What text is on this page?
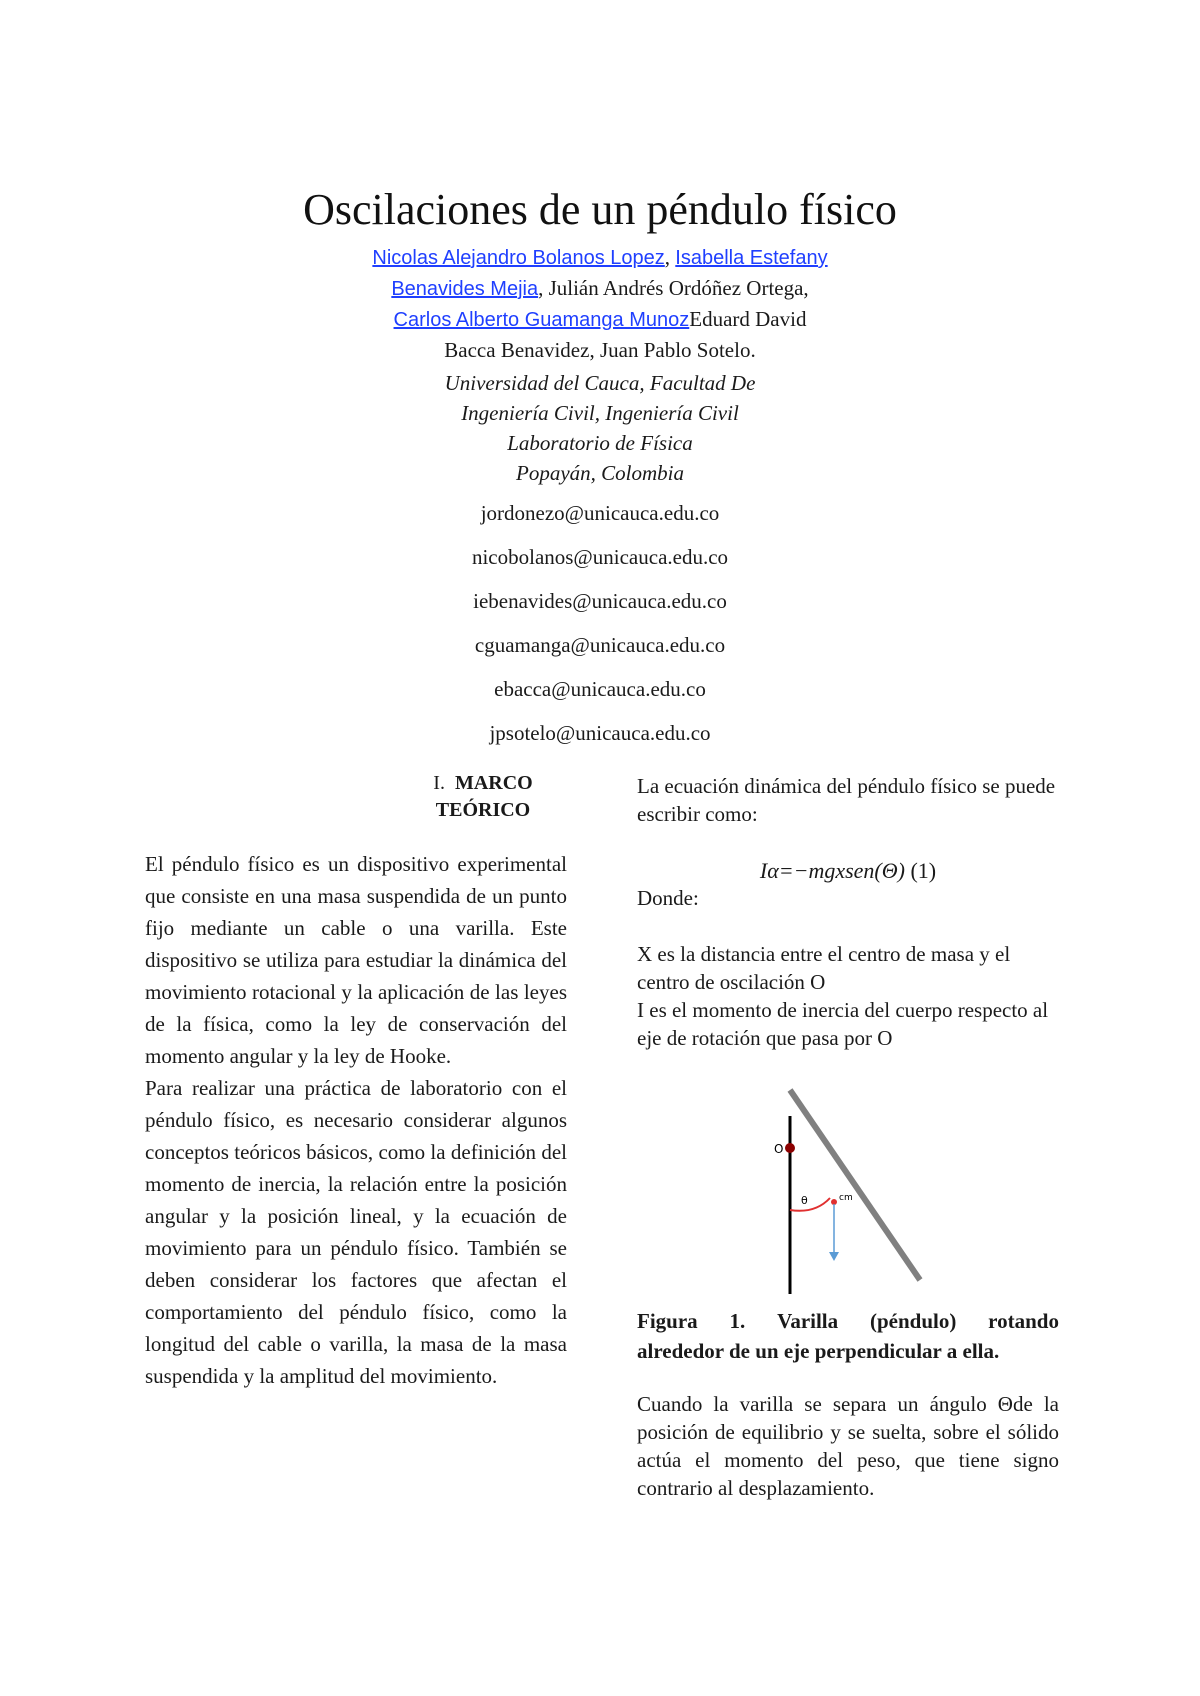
Oscilaciones de un péndulo físico
Nicolas Alejandro Bolanos Lopez, Isabella Estefany
Benavides Mejia, Julián Andrés Ordóñez Ortega,
Carlos Alberto Guamanga MunozEduard David
Bacca Benavidez, Juan Pablo Sotelo.
Universidad del Cauca, Facultad De
Ingeniería Civil, Ingeniería Civil
Laboratorio de Física
Popayán, Colombia
jordonezo@unicauca.edu.co
nicobolanos@unicauca.edu.co
iebenavides@unicauca.edu.co
cguamanga@unicauca.edu.co
ebacca@unicauca.edu.co
jpsotelo@unicauca.edu.co
I. MARCO
TEÓRICO

El péndulo físico es un dispositivo experimental que consiste en una masa suspendida de un punto fijo mediante un cable o una varilla. Este dispositivo se utiliza para estudiar la dinámica del movimiento rotacional y la aplicación de las leyes de la física, como la ley de conservación del momento angular y la ley de Hooke.

Para realizar una práctica de laboratorio con el péndulo físico, es necesario considerar algunos conceptos teóricos básicos, como la definición del momento de inercia, la relación entre la posición angular y la posición lineal, y la ecuación de movimiento para un péndulo físico. También se deben considerar los factores que afectan el comportamiento del péndulo físico, como la longitud del cable o varilla, la masa de la masa suspendida y la amplitud del movimiento.

La ecuación dinámica del péndulo físico se puede escribir como:

Iα=−mgxsen(Θ) (1)

Donde:

X es la distancia entre el centro de masa y el centro de oscilación O

I es el momento de inercia del cuerpo respecto al eje de rotación que pasa por O

O
θ	cm
Figura 1. Varilla (péndulo) rotando
alrededor de un eje perpendicular a ella.
Cuando la varilla se separa un ángulo Θde la posición de equilibrio y se suelta, sobre el sólido actúa el momento del peso, que tiene signo contrario al desplazamiento.
